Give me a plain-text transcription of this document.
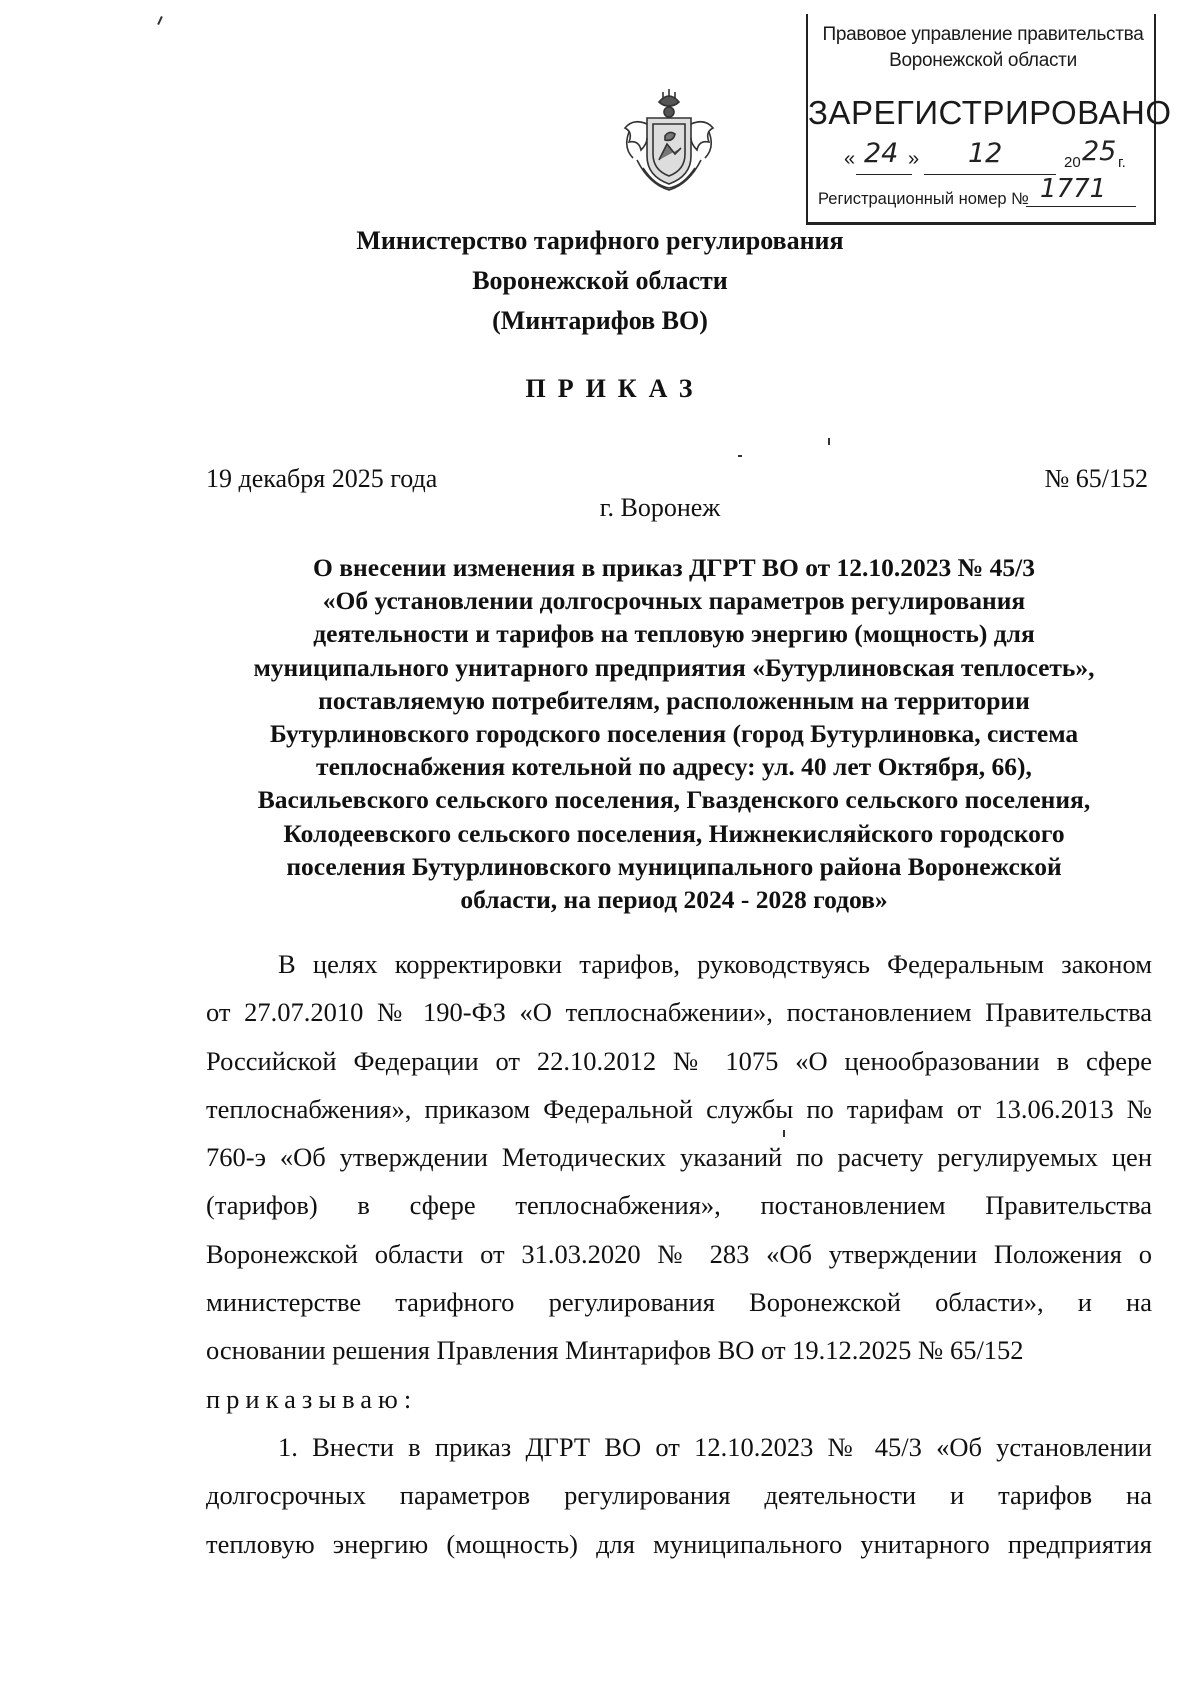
Правовое управление правительства
Воронежской области
ЗАРЕГИСТРИРОВАНО
« 24 » 12	20 25 г.
Регистрационный номер № 1771
Министерство тарифного регулирования
Воронежской области
(Минтарифов ВО)
ПРИКАЗ
19 декабря 2025 года	№ 65/152
г. Воронеж
О внесении изменения в приказ ДГРТ ВО от 12.10.2023 № 45/3
«Об установлении долгосрочных параметров регулирования
деятельности и тарифов на тепловую энергию (мощность) для
муниципального унитарного предприятия «Бутурлиновская теплосеть»,
поставляемую потребителям, расположенным на территории
Бутурлиновского городского поселения (город Бутурлиновка, система
теплоснабжения котельной по адресу: ул. 40 лет Октября, 66),
Васильевского сельского поселения, Гвазденского сельского поселения,
Колодеевского сельского поселения, Нижнекисляйского городского
поселения Бутурлиновского муниципального района Воронежской
области, на период 2024 - 2028 годов»
В целях корректировки тарифов, руководствуясь Федеральным законом
от 27.07.2010 № 190-ФЗ «О теплоснабжении», постановлением Правительства
Российской Федерации от 22.10.2012 № 1075 «О ценообразовании в сфере
теплоснабжения», приказом Федеральной службы по тарифам от 13.06.2013 №
760-э «Об утверждении Методических указаний по расчету регулируемых цен
(тарифов) в сфере теплоснабжения», постановлением Правительства
Воронежской области от 31.03.2020 № 283 «Об утверждении Положения о
министерстве тарифного регулирования Воронежской области», и на
основании решения Правления Минтарифов ВО от 19.12.2025 № 65/152
приказываю:
1. Внести в приказ ДГРТ ВО от 12.10.2023 № 45/3 «Об установлении
долгосрочных параметров регулирования деятельности и тарифов на
тепловую энергию (мощность) для муниципального унитарного предприятия
